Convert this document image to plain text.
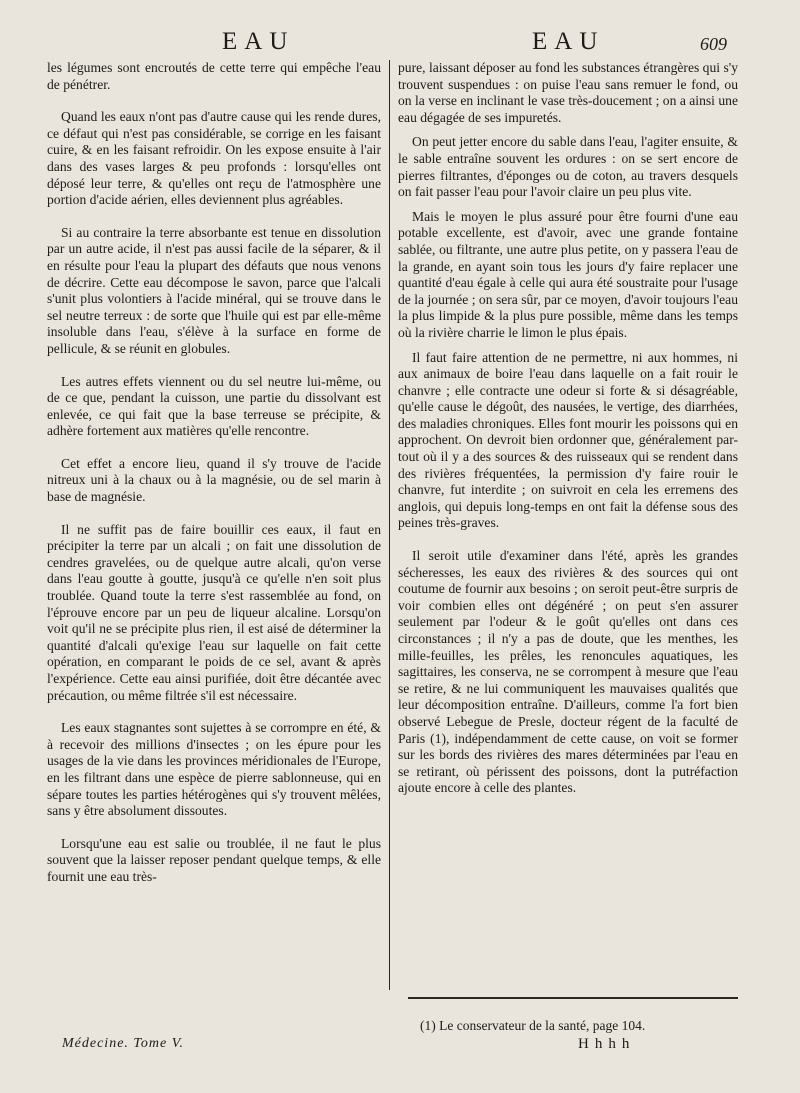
EAU	EAU	609

les légumes sont encroutés de cette terre qui empêche l'eau de pénétrer.

Quand les eaux n'ont pas d'autre cause qui les rende dures, ce défaut qui n'est pas considérable, se corrige en les faisant cuire, & en les faisant refroidir. On les expose ensuite à l'air dans des vases larges & peu profonds : lorsqu'elles ont déposé leur terre, & qu'elles ont reçu de l'atmosphère une portion d'acide aérien, elles deviennent plus agréables.

Si au contraire la terre absorbante est tenue en dissolution par un autre acide, il n'est pas aussi facile de la séparer, & il en résulte pour l'eau la plupart des défauts que nous venons de décrire. Cette eau décompose le savon, parce que l'alcali s'unit plus volontiers à l'acide minéral, qui se trouve dans le sel neutre terreux : de sorte que l'huile qui est par elle-même insoluble dans l'eau, s'élève à la surface en forme de pellicule, & se réunit en globules.

Les autres effets viennent ou du sel neutre lui-même, ou de ce que, pendant la cuisson, une partie du dissolvant est enlevée, ce qui fait que la base terreuse se précipite, & adhère fortement aux matières qu'elle rencontre.

Cet effet a encore lieu, quand il s'y trouve de l'acide nitreux uni à la chaux ou à la magnésie, ou de sel marin à base de magnésie.

Il ne suffit pas de faire bouillir ces eaux, il faut en précipiter la terre par un alcali ; on fait une dissolution de cendres gravelées, ou de quelque autre alcali, qu'on verse dans l'eau goutte à goutte, jusqu'à ce qu'elle n'en soit plus troublée. Quand toute la terre s'est rassemblée au fond, on l'éprouve encore par un peu de liqueur alcaline. Lorsqu'on voit qu'il ne se précipite plus rien, il est aisé de déterminer la quantité d'alcali qu'exige l'eau sur laquelle on fait cette opération, en comparant le poids de ce sel, avant & après l'expérience. Cette eau ainsi purifiée, doit être décantée avec précaution, ou même filtrée s'il est nécessaire.

Les eaux stagnantes sont sujettes à se corrompre en été, & à recevoir des millions d'insectes ; on les épure pour les usages de la vie dans les provinces méridionales de l'Europe, en les filtrant dans une espèce de pierre sablonneuse, qui en sépare toutes les parties hétérogènes qui s'y trouvent mêlées, sans y être absolument dissoutes.

Lorsqu'une eau est salie ou troublée, il ne faut le plus souvent que la laisser reposer pendant quelque temps, & elle fournit une eau très-

pure, laissant déposer au fond les substances étrangères qui s'y trouvent suspendues : on puise l'eau sans remuer le fond, ou on la verse en inclinant le vase très-doucement ; on a ainsi une eau dégagée de ses impuretés.

On peut jetter encore du sable dans l'eau, l'agiter ensuite, & le sable entraîne souvent les ordures : on se sert encore de pierres filtrantes, d'éponges ou de coton, au travers desquels on fait passer l'eau pour l'avoir claire un peu plus vite.

Mais le moyen le plus assuré pour être fourni d'une eau potable excellente, est d'avoir, avec une grande fontaine sablée, ou filtrante, une autre plus petite, on y passera l'eau de la grande, en ayant soin tous les jours d'y faire replacer une quantité d'eau égale à celle qui aura été soustraite pour l'usage de la journée ; on sera sûr, par ce moyen, d'avoir toujours l'eau la plus limpide & la plus pure possible, même dans les temps où la rivière charrie le limon le plus épais.

Il faut faire attention de ne permettre, ni aux hommes, ni aux animaux de boire l'eau dans laquelle on a fait rouir le chanvre ; elle contracte une odeur si forte & si désagréable, qu'elle cause le dégoût, des nausées, le vertige, des diarrhées, des maladies chroniques. Elles font mourir les poissons qui en approchent. On devroit bien ordonner que, généralement par-tout où il y a des sources & des ruisseaux qui se rendent dans des rivières fréquentées, la permission d'y faire rouir le chanvre, fut interdite ; on suivroit en cela les erremens des anglois, qui depuis long-temps en ont fait la défense sous des peines très-graves.

Il seroit utile d'examiner dans l'été, après les grandes sécheresses, les eaux des rivières & des sources qui ont coutume de fournir aux besoins ; on seroit peut-être surpris de voir combien elles ont dégénéré ; on peut s'en assurer seulement par l'odeur & le goût qu'elles ont dans ces circonstances ; il n'y a pas de doute, que les menthes, les mille-feuilles, les prêles, les renoncules aquatiques, les sagittaires, les conserva, ne se corrompent à mesure que l'eau se retire, & ne lui communiquent les mauvaises qualités que leur décomposition entraîne. D'ailleurs, comme l'a fort bien observé Lebegue de Presle, docteur régent de la faculté de Paris (1), indépendamment de cette cause, on voit se former sur les bords des rivières des mares déterminées par l'eau en se retirant, où périssent des poissons, dont la putréfaction ajoute encore à celle des plantes.

(1) Le conservateur de la santé, page 104.
Hhhh
Médecine. Tome V.
